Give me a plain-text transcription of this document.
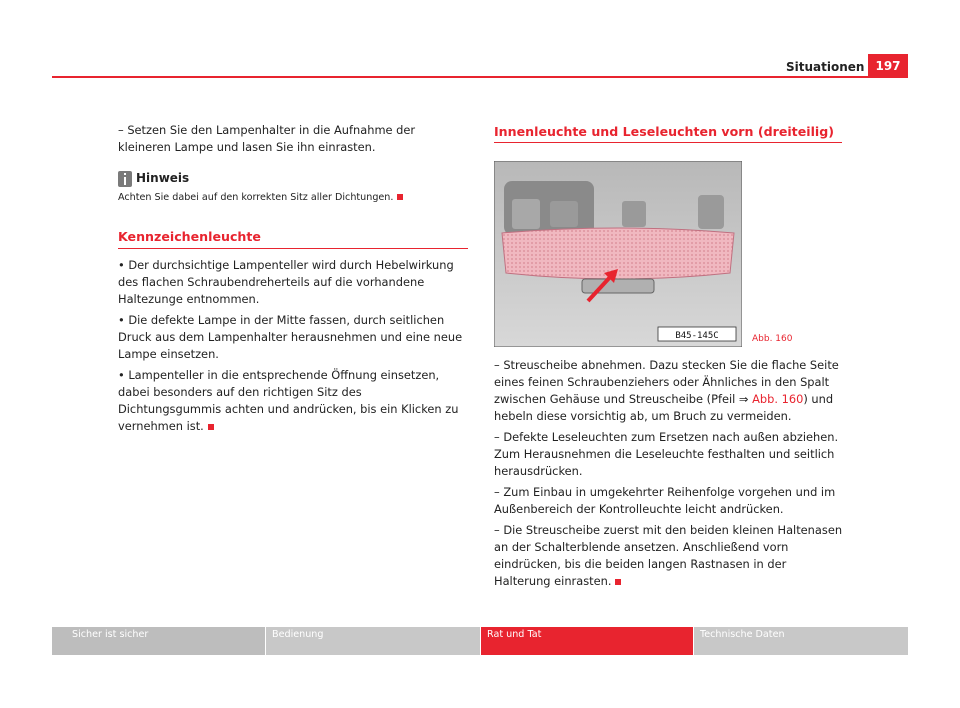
Situationen 197

– Setzen Sie den Lampenhalter in die Aufnahme der kleineren Lampe und lasen Sie ihn einrasten.

Hinweis
Achten Sie dabei auf den korrekten Sitz aller Dichtungen.
Kennzeichenleuchte

• Der durchsichtige Lampenteller wird durch Hebelwirkung des flachen Schraubendreherteils auf die vorhandene Haltezunge entnommen.

• Die defekte Lampe in der Mitte fassen, durch seitlichen Druck aus dem Lampenhalter herausnehmen und eine neue Lampe einsetzen.

• Lampenteller in die entsprechende Öffnung einsetzen, dabei besonders auf den richtigen Sitz des Dichtungsgummis achten und andrücken, bis ein Klicken zu vernehmen ist.

Innenleuchte und Leseleuchten vorn (dreiteilig)
B45-145C	Abb. 160

– Streuscheibe abnehmen. Dazu stecken Sie die flache Seite eines feinen Schraubenziehers oder Ähnliches in den Spalt zwischen Gehäuse und Streuscheibe (Pfeil ⇒ Abb. 160) und hebeln diese vorsichtig ab, um Bruch zu vermeiden.

– Defekte Leseleuchten zum Ersetzen nach außen abziehen. Zum Herausnehmen die Leseleuchte festhalten und seitlich herausdrücken.

– Zum Einbau in umgekehrter Reihenfolge vorgehen und im Außenbereich der Kontrolleuchte leicht andrücken.

– Die Streuscheibe zuerst mit den beiden kleinen Haltenasen an der Schalterblende ansetzen. Anschließend vorn eindrücken, bis die beiden langen Rastnasen in der Halterung einrasten.

Sicher ist sicher	Bedienung	Rat und Tat	Technische Daten
